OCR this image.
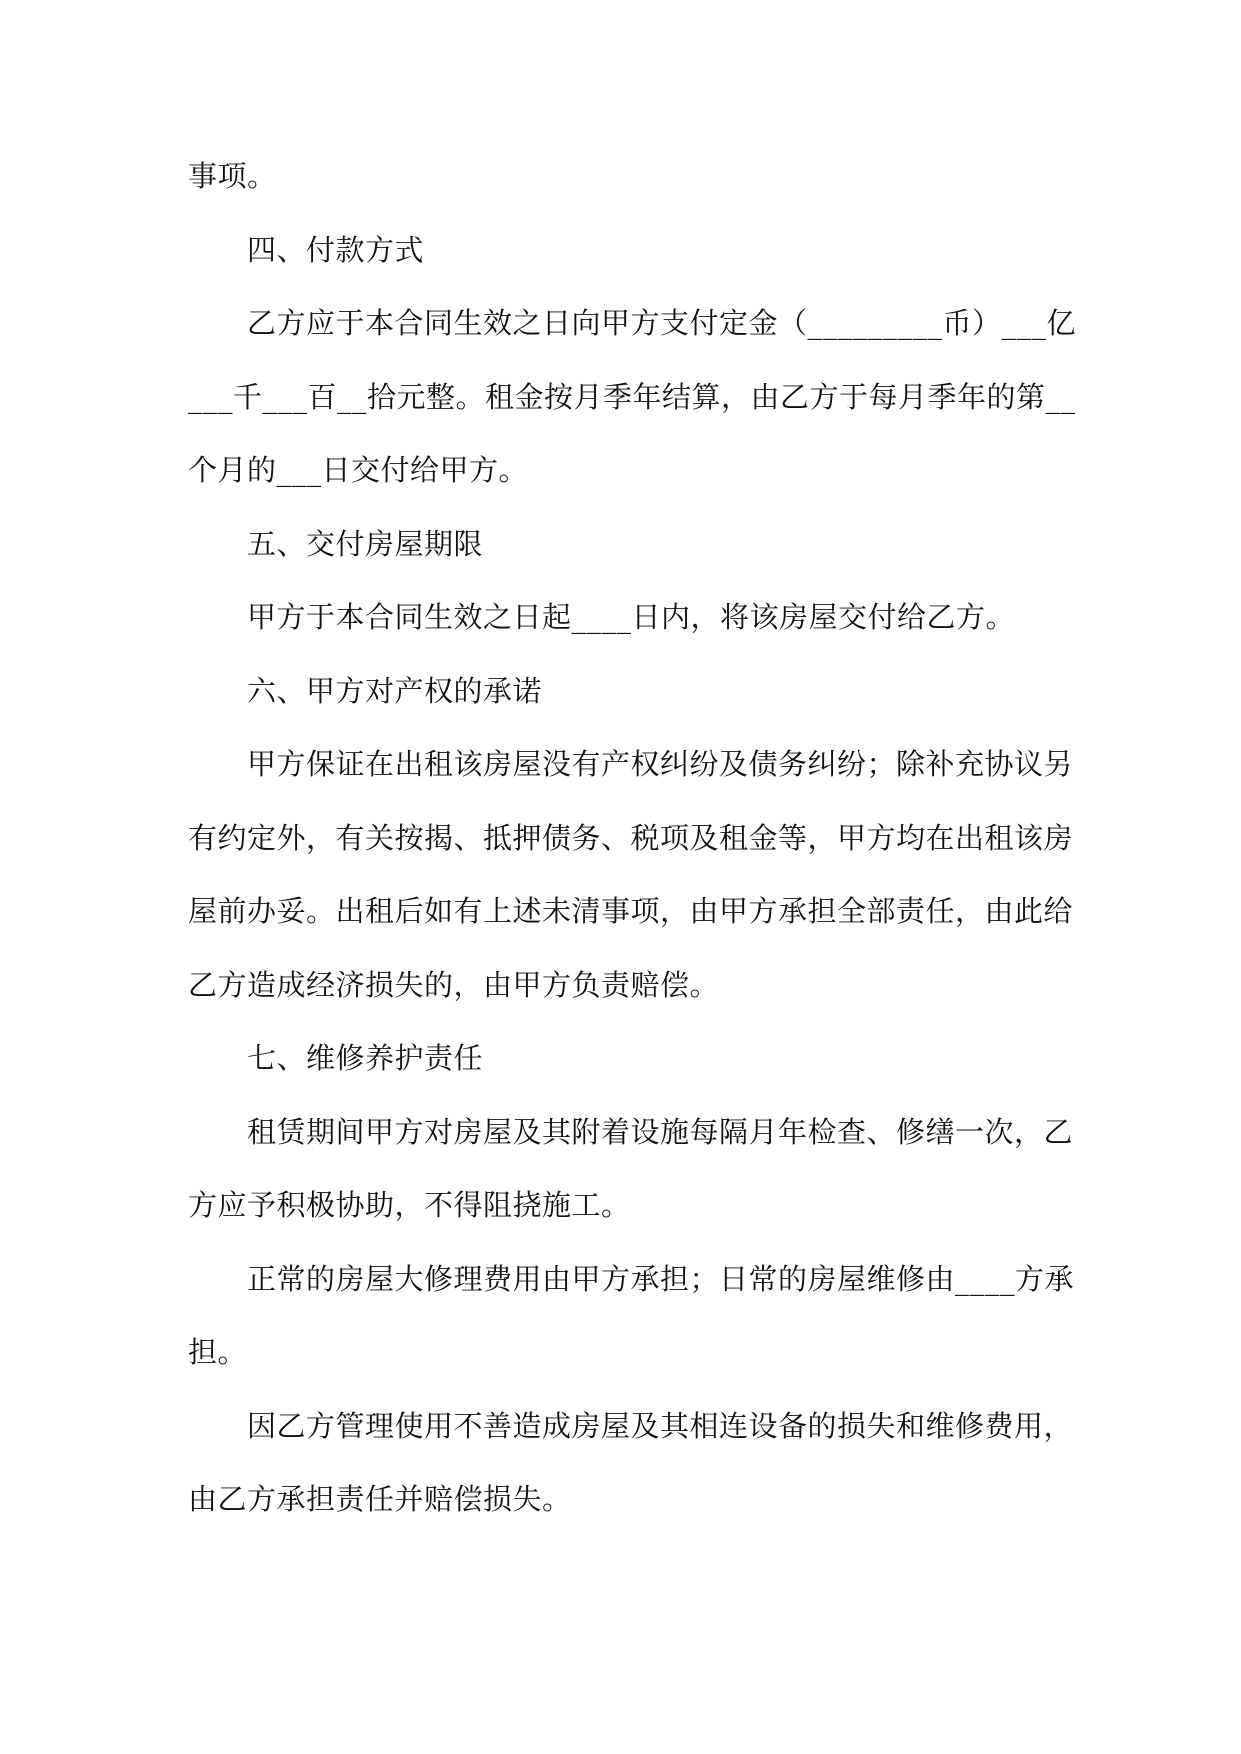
事项。
四、付款方式
乙方应于本合同生效之日向甲方支付定金（_________币）___亿
___千___百__拾元整。租金按月季年结算，由乙方于每月季年的第__
个月的___日交付给甲方。
五、交付房屋期限
甲方于本合同生效之日起____日内，将该房屋交付给乙方。
六、甲方对产权的承诺
甲方保证在出租该房屋没有产权纠纷及债务纠纷；除补充协议另
有约定外，有关按揭、抵押债务、税项及租金等，甲方均在出租该房
屋前办妥。出租后如有上述未清事项，由甲方承担全部责任，由此给
乙方造成经济损失的，由甲方负责赔偿。
七、维修养护责任
租赁期间甲方对房屋及其附着设施每隔月年检查、修缮一次，乙
方应予积极协助，不得阻挠施工。
正常的房屋大修理费用由甲方承担；日常的房屋维修由____方承
担。
因乙方管理使用不善造成房屋及其相连设备的损失和维修费用，
由乙方承担责任并赔偿损失。
